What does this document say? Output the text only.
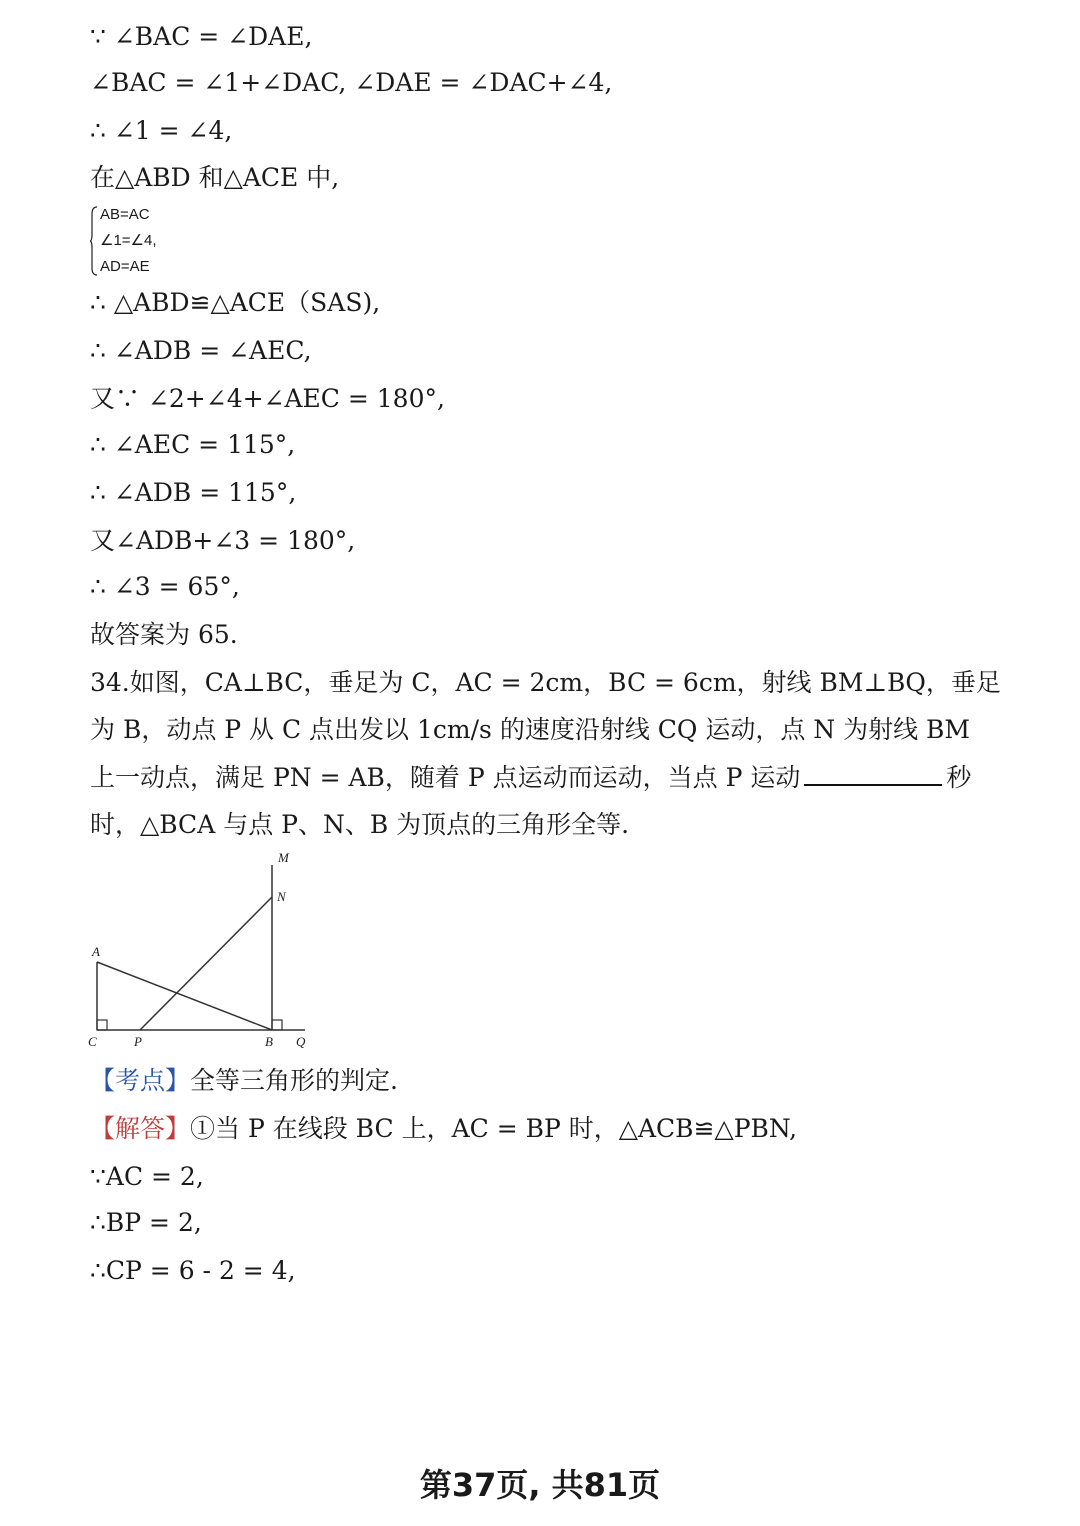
∵ ∠BAC = ∠DAE,
∠BAC = ∠1+∠DAC, ∠DAE = ∠DAC+∠4,
∴ ∠1 = ∠4,
在△ABD 和△ACE 中,
AB=AC
∠1=∠4,
AD=AE
∴ △ABD≌△ACE（SAS),
∴ ∠ADB = ∠AEC,
又∵ ∠2+∠4+∠AEC = 180°,
∴ ∠AEC = 115°,
∴ ∠ADB = 115°,
又∠ADB+∠3 = 180°,
∴ ∠3 = 65°,
故答案为 65.
34.如图，CA⊥BC，垂足为 C，AC = 2cm，BC = 6cm，射线 BM⊥BQ，垂足
为 B，动点 P 从 C 点出发以 1cm/s 的速度沿射线 CQ 运动，点 N 为射线 BM
上一动点，满足 PN = AB，随着 P 点运动而运动，当点 P 运动	秒
时，△BCA 与点 P、N、B 为顶点的三角形全等.
M
N
A
C	P	B Q
【考点】全等三角形的判定.
【解答】①当 P 在线段 BC 上，AC = BP 时，△ACB≌△PBN,
∵AC = 2,
∴BP = 2,
∴CP = 6 - 2 = 4,
第37页, 共81页
